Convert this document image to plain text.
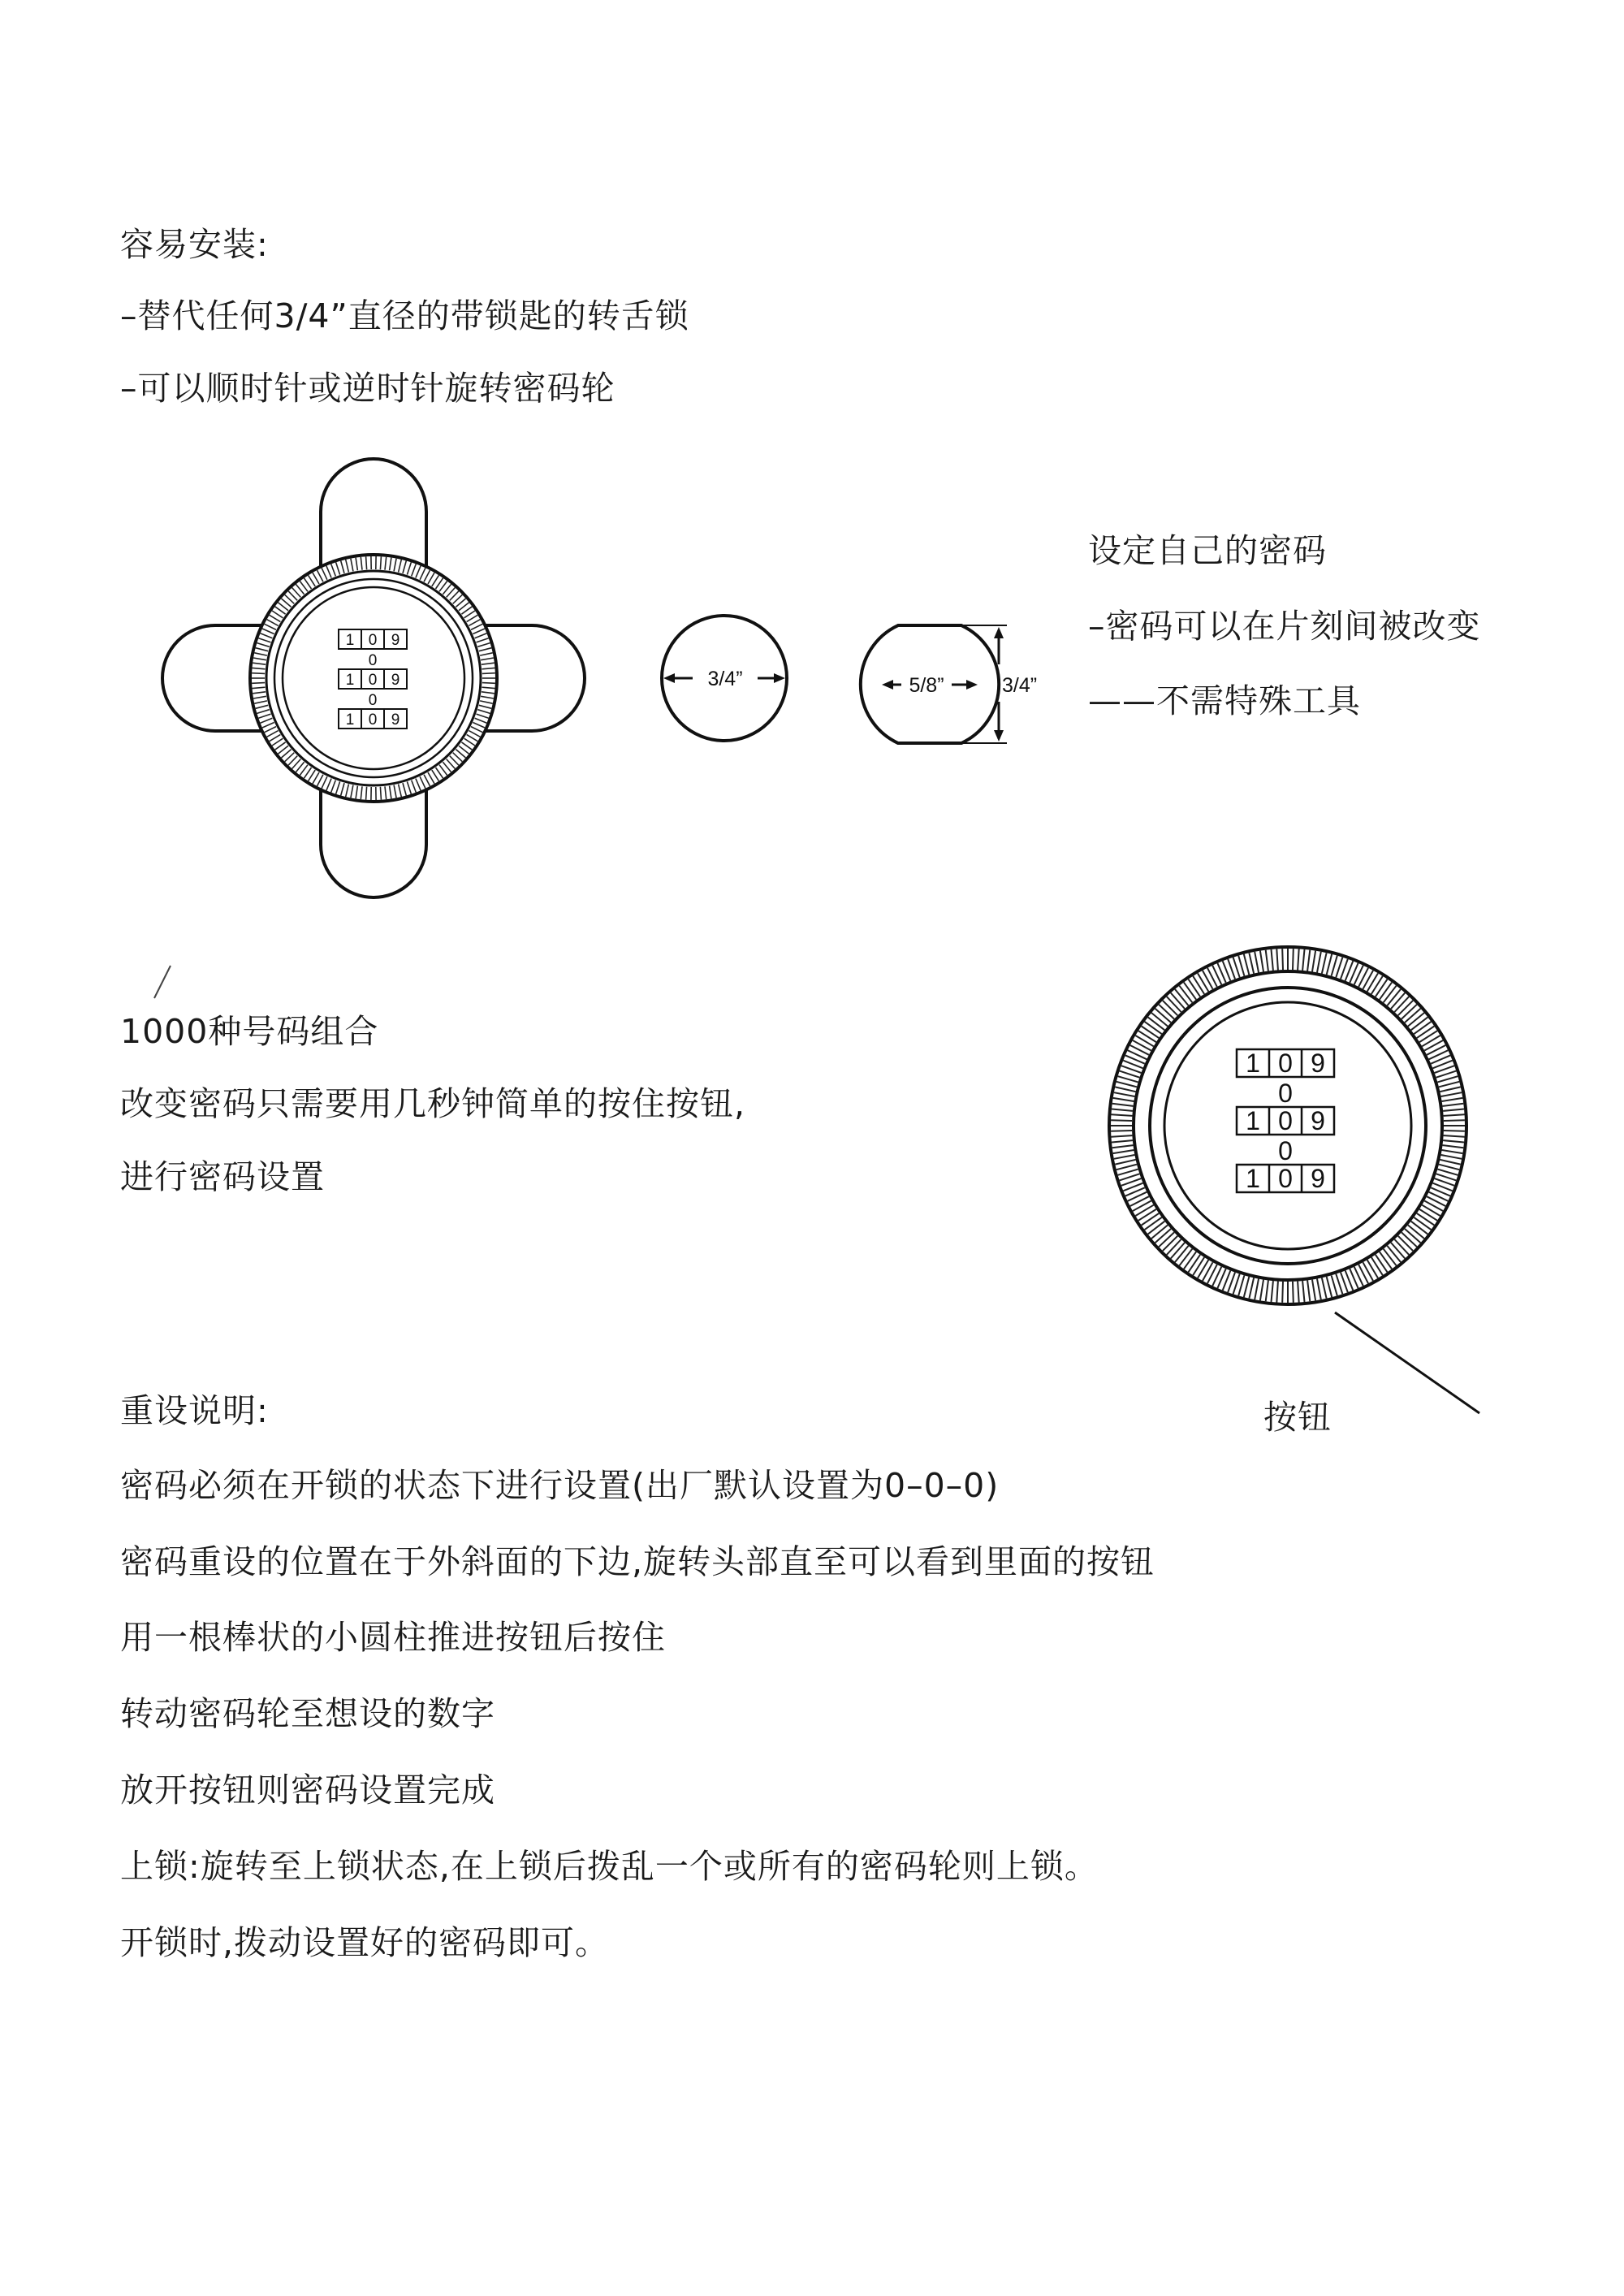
容易安装:
–替代任何3/4”直径的带锁匙的转舌锁
–可以顺时针或逆时针旋转密码轮
设定自己的密码
–密码可以在片刻间被改变
——不需特殊工具
1 0 9
0
1 0 9
0
1 0 9
3/4”	5/8”	3/4”
1000种号码组合
改变密码只需要用几秒钟简单的按住按钮,
进行密码设置
1 0 9
0
1 0 9
0
1 0 9
按钮
重设说明:
密码必须在开锁的状态下进行设置(出厂默认设置为0–0–0)
密码重设的位置在于外斜面的下边,旋转头部直至可以看到里面的按钮
用一根棒状的小圆柱推进按钮后按住
转动密码轮至想设的数字
放开按钮则密码设置完成
上锁:旋转至上锁状态,在上锁后拨乱一个或所有的密码轮则上锁。
开锁时,拨动设置好的密码即可。
